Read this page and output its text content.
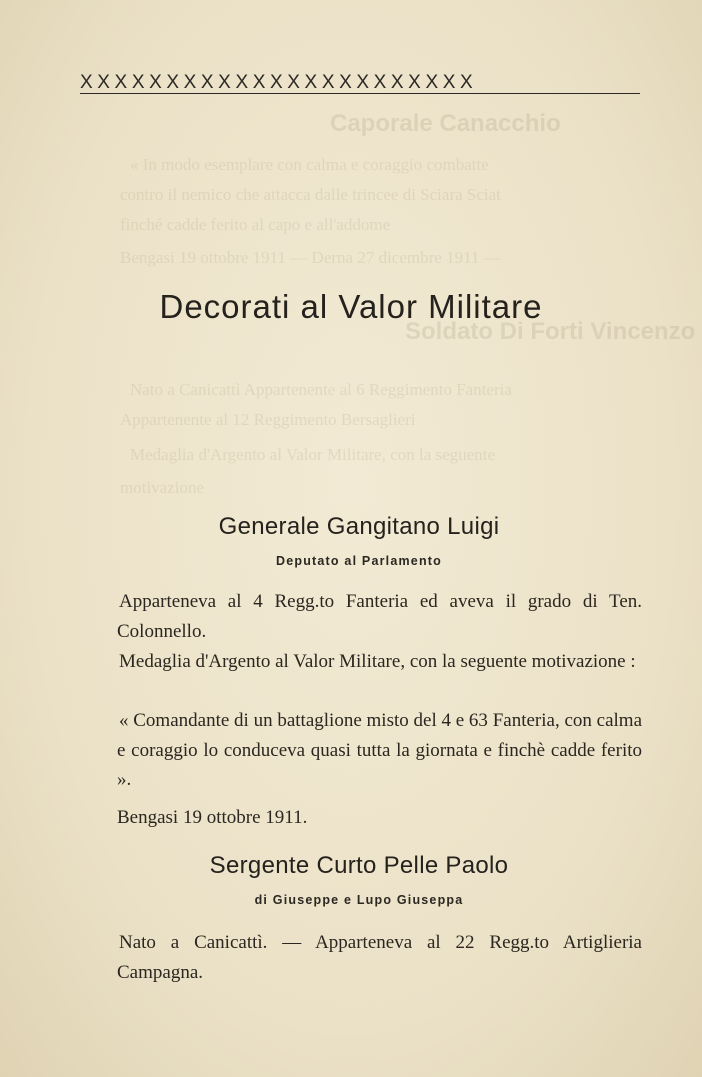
Caporale Canacchio
Soldato Di Forti Vincenzo
« In modo esemplare con calma e coraggio combatte
contro il nemico che attacca dalle trincee di Sciara Sciat
finché cadde ferito al capo e all'addome
Bengasi 19 ottobre 1911 — Derna 27 dicembre 1911 —
Nato a Canicattì Appartenente al 6 Reggimento Fanteria
Appartenente al 12 Reggimento Bersaglieri
Medaglia d'Argento al Valor Militare, con la seguente
motivazione
XXXXXXXXXXXXXXXXXXXXXXX
Decorati al Valor Militare
Generale Gangitano Luigi
Deputato al Parlamento
Apparteneva al 4 Regg.to Fanteria ed aveva il grado di Ten. Colonnello.
Medaglia d'Argento al Valor Militare, con la seguente motivazione :
« Comandante di un battaglione misto del 4 e 63 Fanteria, con calma e coraggio lo conduceva quasi tutta la giornata e finchè cadde ferito ».
Bengasi 19 ottobre 1911.
Sergente Curto Pelle Paolo
di Giuseppe e Lupo Giuseppa
Nato a Canicattì. — Apparteneva al 22 Regg.to Artiglieria Campagna.
